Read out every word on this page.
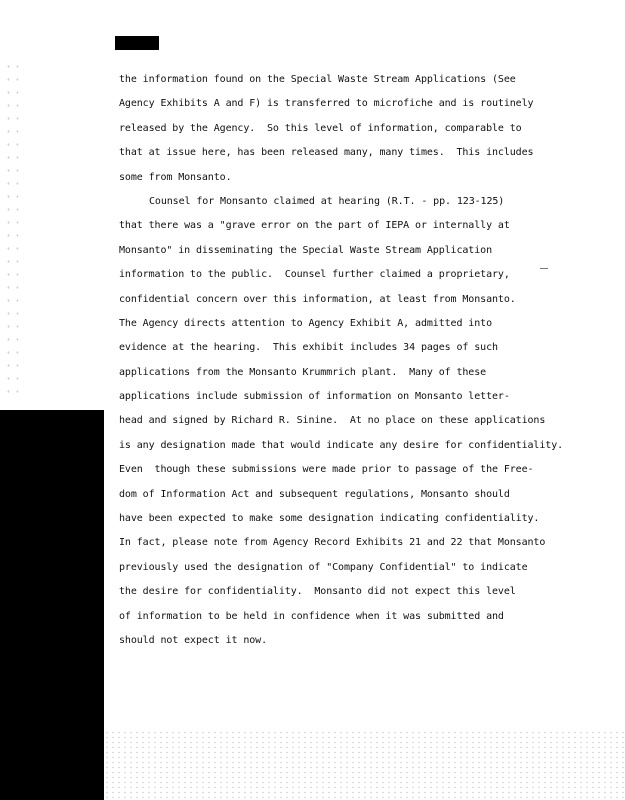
the information found on the Special Waste Stream Applications (See
Agency Exhibits A and F) is transferred to microfiche and is routinely
released by the Agency.  So this level of information, comparable to
that at issue here, has been released many, many times.  This includes
some from Monsanto.
Counsel for Monsanto claimed at hearing (R.T. - pp. 123-125)
that there was a "grave error on the part of IEPA or internally at
Monsanto" in disseminating the Special Waste Stream Application
information to the public.  Counsel further claimed a proprietary,
confidential concern over this information, at least from Monsanto.
The Agency directs attention to Agency Exhibit A, admitted into
evidence at the hearing.  This exhibit includes 34 pages of such
applications from the Monsanto Krummrich plant.  Many of these
applications include submission of information on Monsanto letter-
head and signed by Richard R. Sinine.  At no place on these applications
is any designation made that would indicate any desire for confidentiality.
Even  though these submissions were made prior to passage of the Free-
dom of Information Act and subsequent regulations, Monsanto should
have been expected to make some designation indicating confidentiality.
In fact, please note from Agency Record Exhibits 21 and 22 that Monsanto
previously used the designation of "Company Confidential" to indicate
the desire for confidentiality.  Monsanto did not expect this level
of information to be held in confidence when it was submitted and
should not expect it now.
